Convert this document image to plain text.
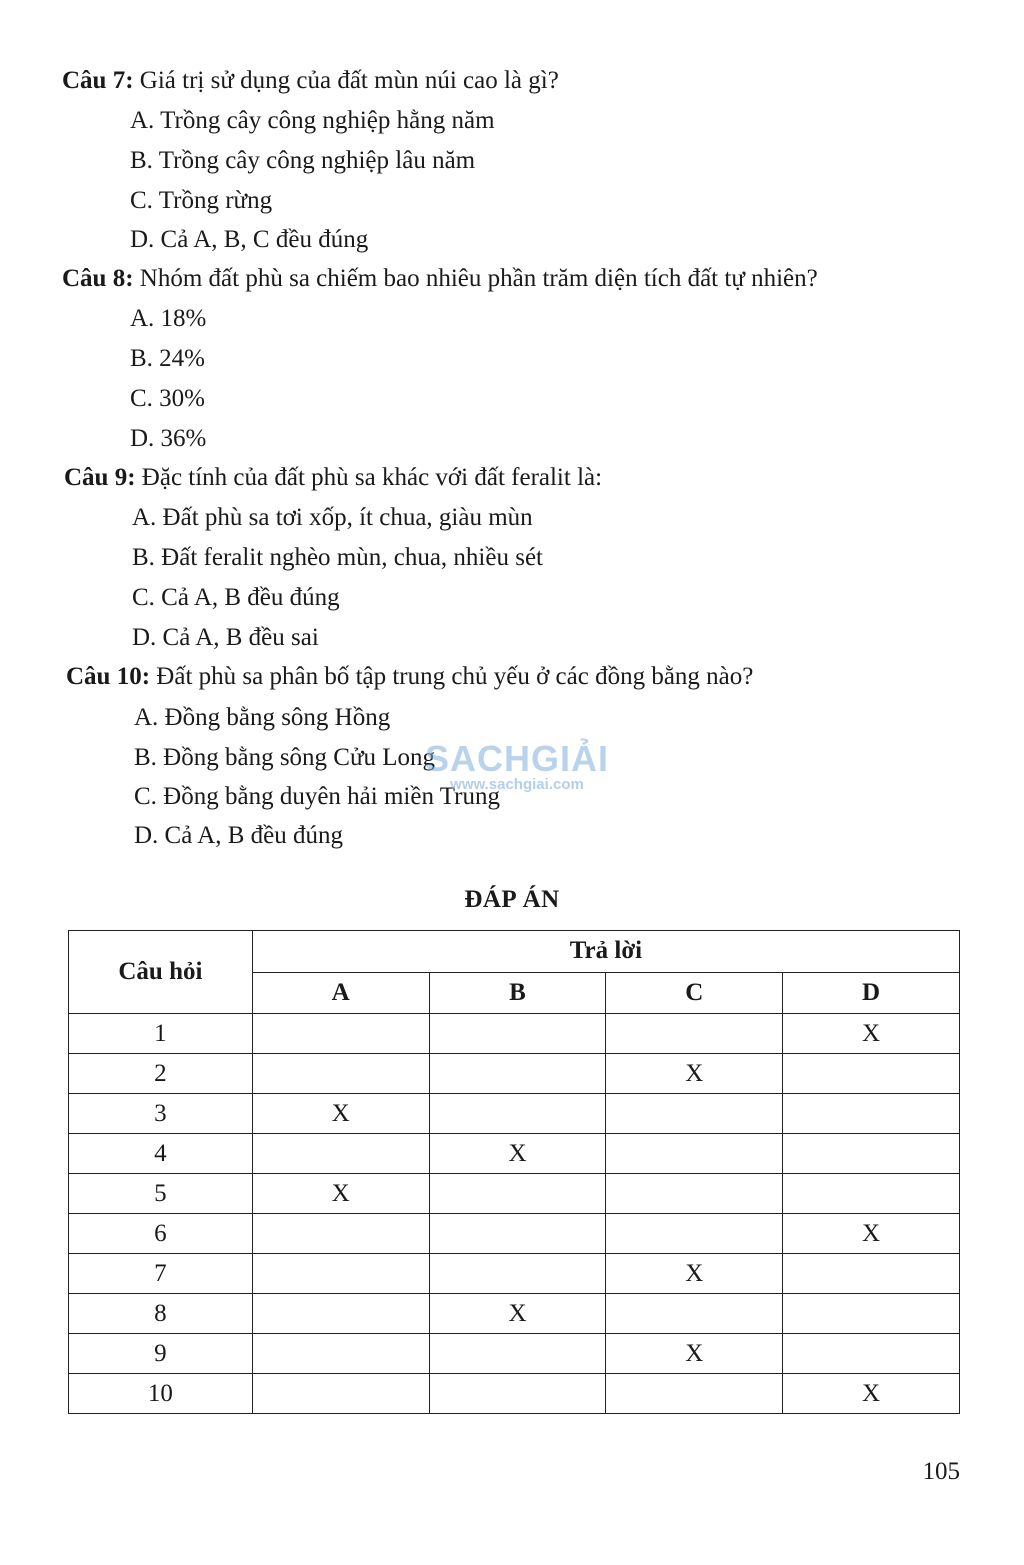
Câu 7: Giá trị sử dụng của đất mùn núi cao là gì?
A. Trồng cây công nghiệp hằng năm
B. Trồng cây công nghiệp lâu năm
C. Trồng rừng
D. Cả A, B, C đều đúng
Câu 8: Nhóm đất phù sa chiếm bao nhiêu phần trăm diện tích đất tự nhiên?
A. 18%
B. 24%
C. 30%
D. 36%
Câu 9: Đặc tính của đất phù sa khác với đất feralit là:
A. Đất phù sa tơi xốp, ít chua, giàu mùn
B. Đất feralit nghèo mùn, chua, nhiều sét
C. Cả A, B đều đúng
D. Cả A, B đều sai
Câu 10: Đất phù sa phân bố tập trung chủ yếu ở các đồng bằng nào?
A. Đồng bằng sông Hồng
B. Đồng bằng sông Cửu Long
C. Đồng bằng duyên hải miền Trung
D. Cả A, B đều đúng
SACHGIẢI
www.sachgiai.com
ĐÁP ÁN
Câu hỏi	Trả lời			
	A	B	C	D
1				X
2			X	
3	X			
4		X		
5	X			
6				X
7			X	
8		X		
9			X	
10				X
105
